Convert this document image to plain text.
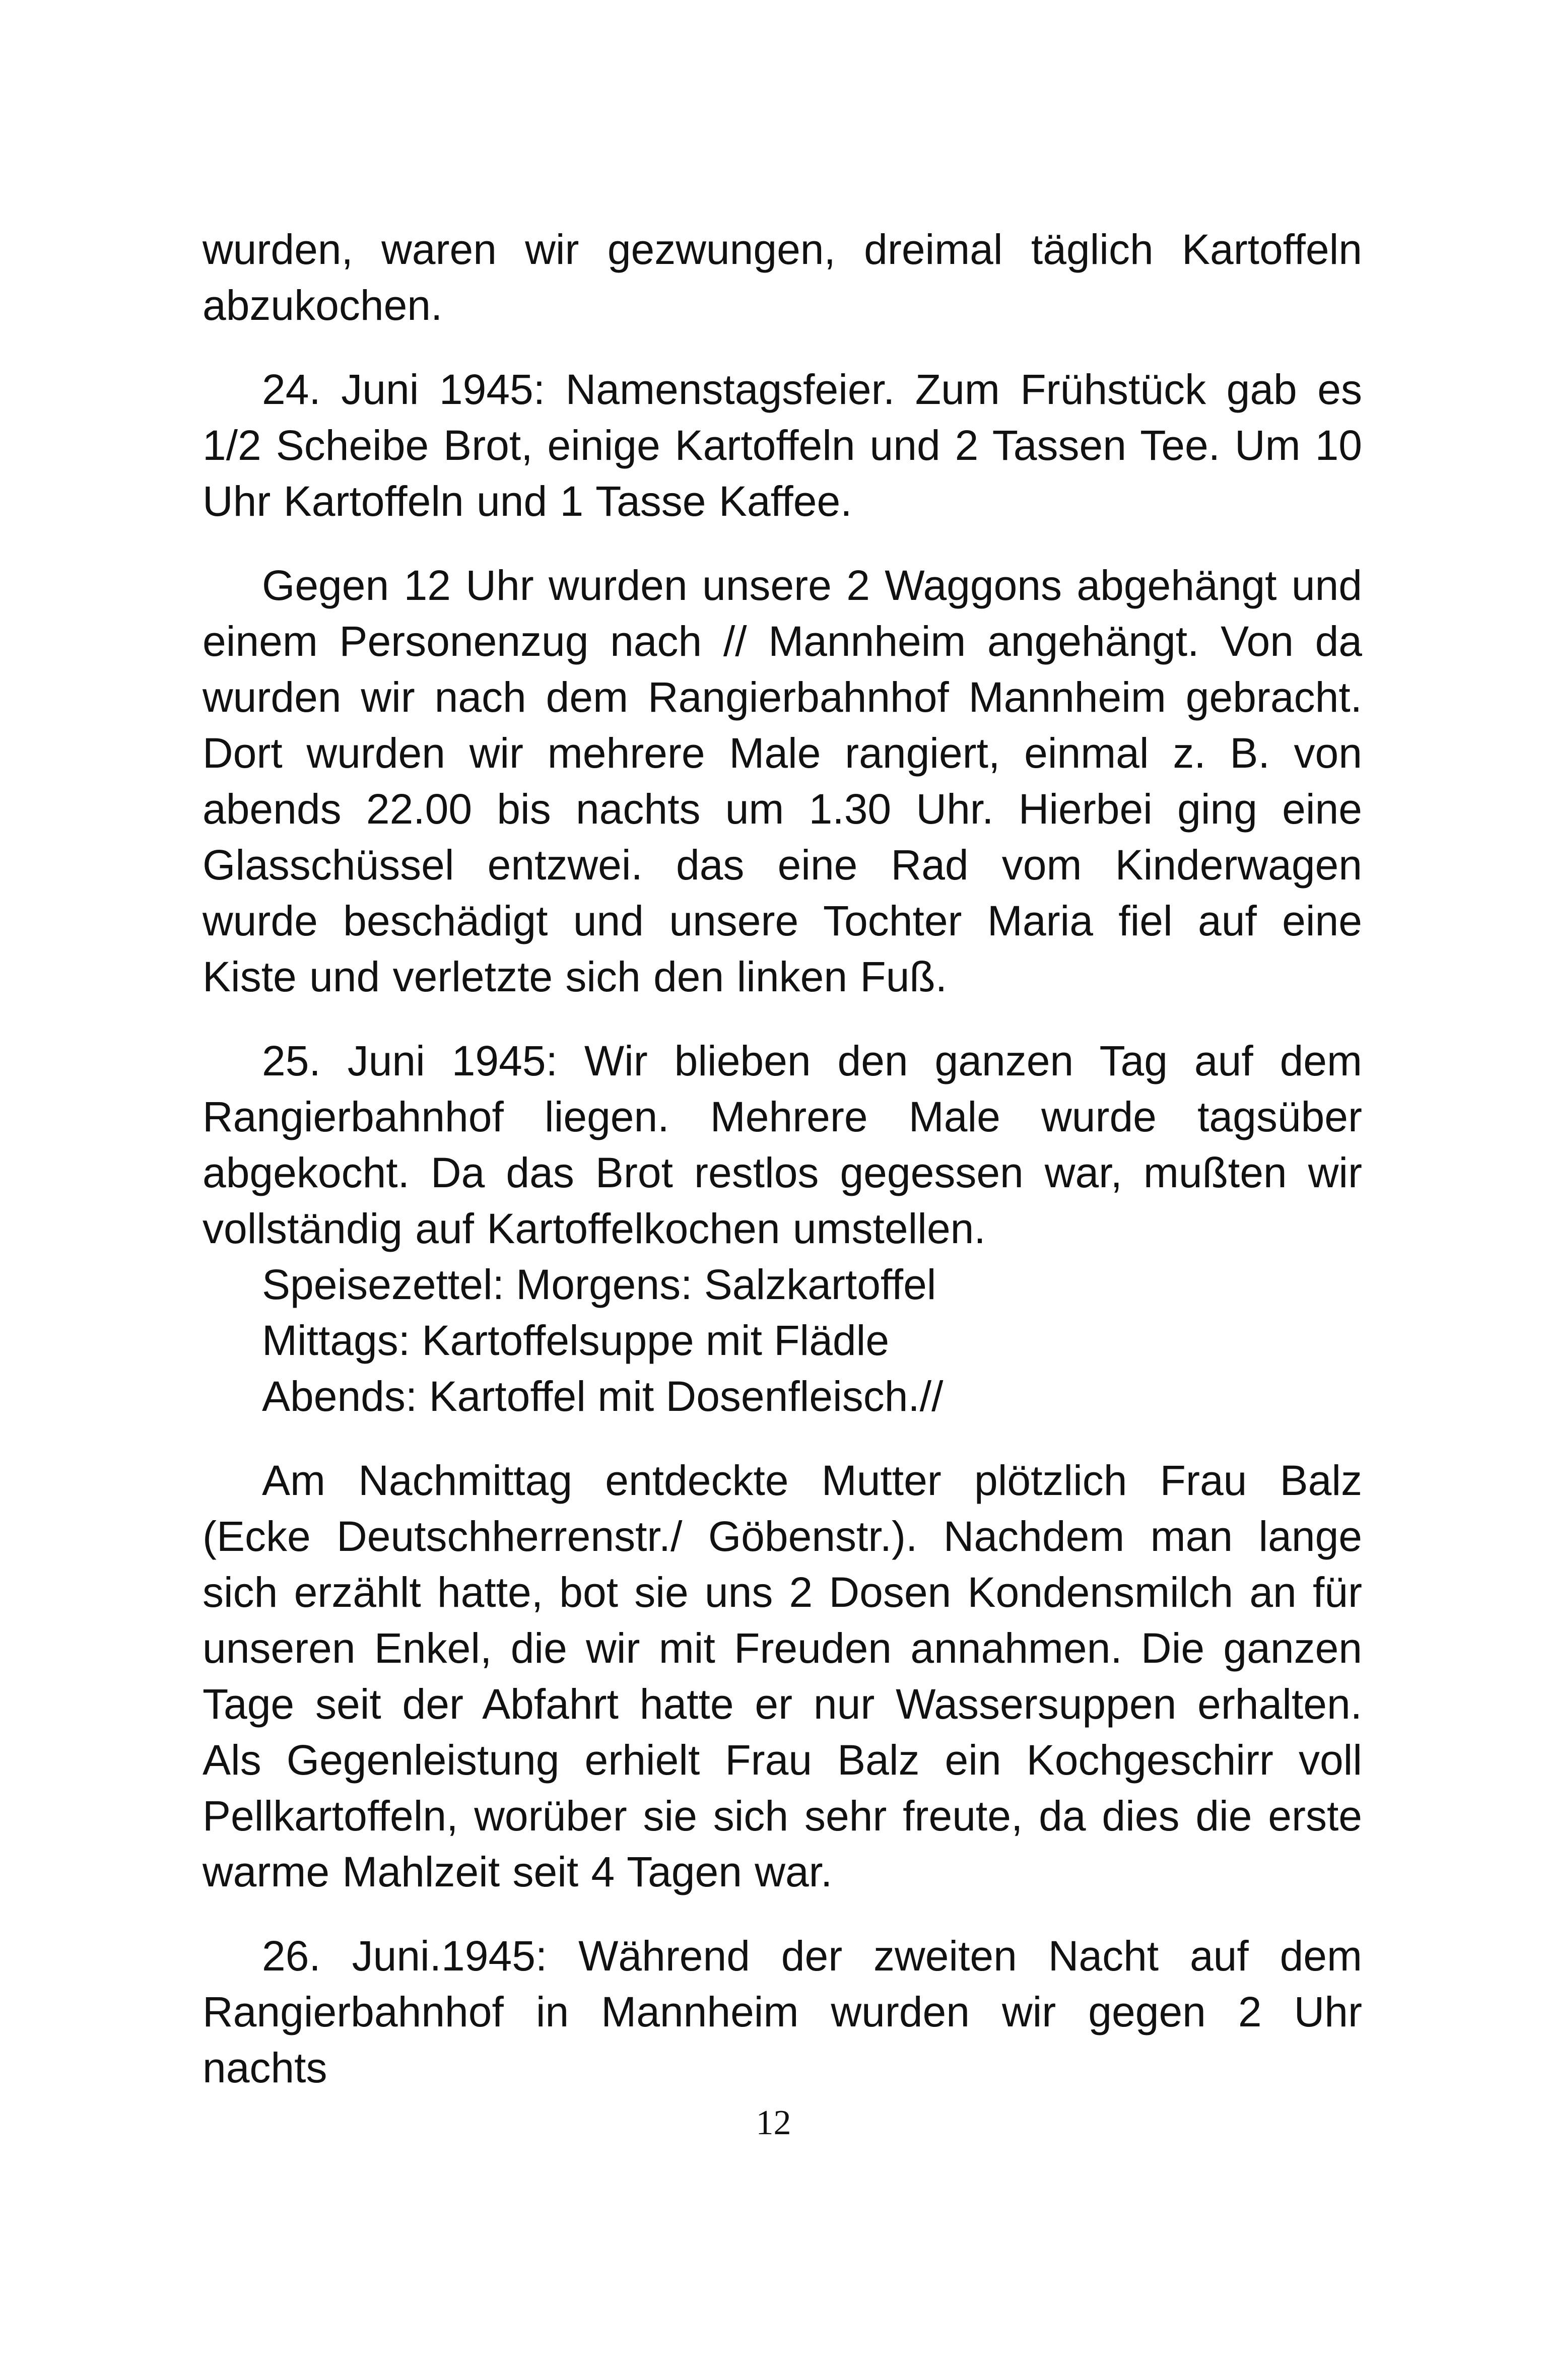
wurden, waren wir gezwungen, dreimal täglich Kartoffeln abzukochen.

24. Juni 1945: Namenstagsfeier. Zum Frühstück gab es 1/2 Scheibe Brot, einige Kartoffeln und 2 Tassen Tee. Um 10 Uhr Kartoffeln und 1 Tasse Kaffee.

Gegen 12 Uhr wurden unsere 2 Waggons abgehängt und einem Personenzug nach // Mannheim angehängt. Von da wurden wir nach dem Rangierbahnhof Mannheim gebracht. Dort wurden wir mehrere Male rangiert, einmal z. B. von abends 22.00 bis nachts um 1.30 Uhr. Hierbei ging eine Glasschüssel entzwei. das eine Rad vom Kinderwagen wurde beschädigt und unsere Tochter Maria fiel auf eine Kiste und verletzte sich den linken Fuß.

25. Juni 1945: Wir blieben den ganzen Tag auf dem Rangierbahnhof liegen. Mehrere Male wurde tagsüber abgekocht. Da das Brot restlos gegessen war, mußten wir vollständig auf Kartoffelkochen umstellen.

Speisezettel: Morgens: Salzkartoffel
Mittags: Kartoffelsuppe mit Flädle
Abends: Kartoffel mit Dosenfleisch.//

Am Nachmittag entdeckte Mutter plötzlich Frau Balz (Ecke Deutschherrenstr./ Göbenstr.). Nachdem man lange sich erzählt hatte, bot sie uns 2 Dosen Kondensmilch an für unseren Enkel, die wir mit Freuden annahmen. Die ganzen Tage seit der Abfahrt hatte er nur Wassersuppen erhalten. Als Gegenleistung erhielt Frau Balz ein Kochgeschirr voll Pellkartoffeln, worüber sie sich sehr freute, da dies die erste warme Mahlzeit seit 4 Tagen war.

26. Juni.1945: Während der zweiten Nacht auf dem Rangierbahnhof in Mannheim wurden wir gegen 2 Uhr nachts

12
